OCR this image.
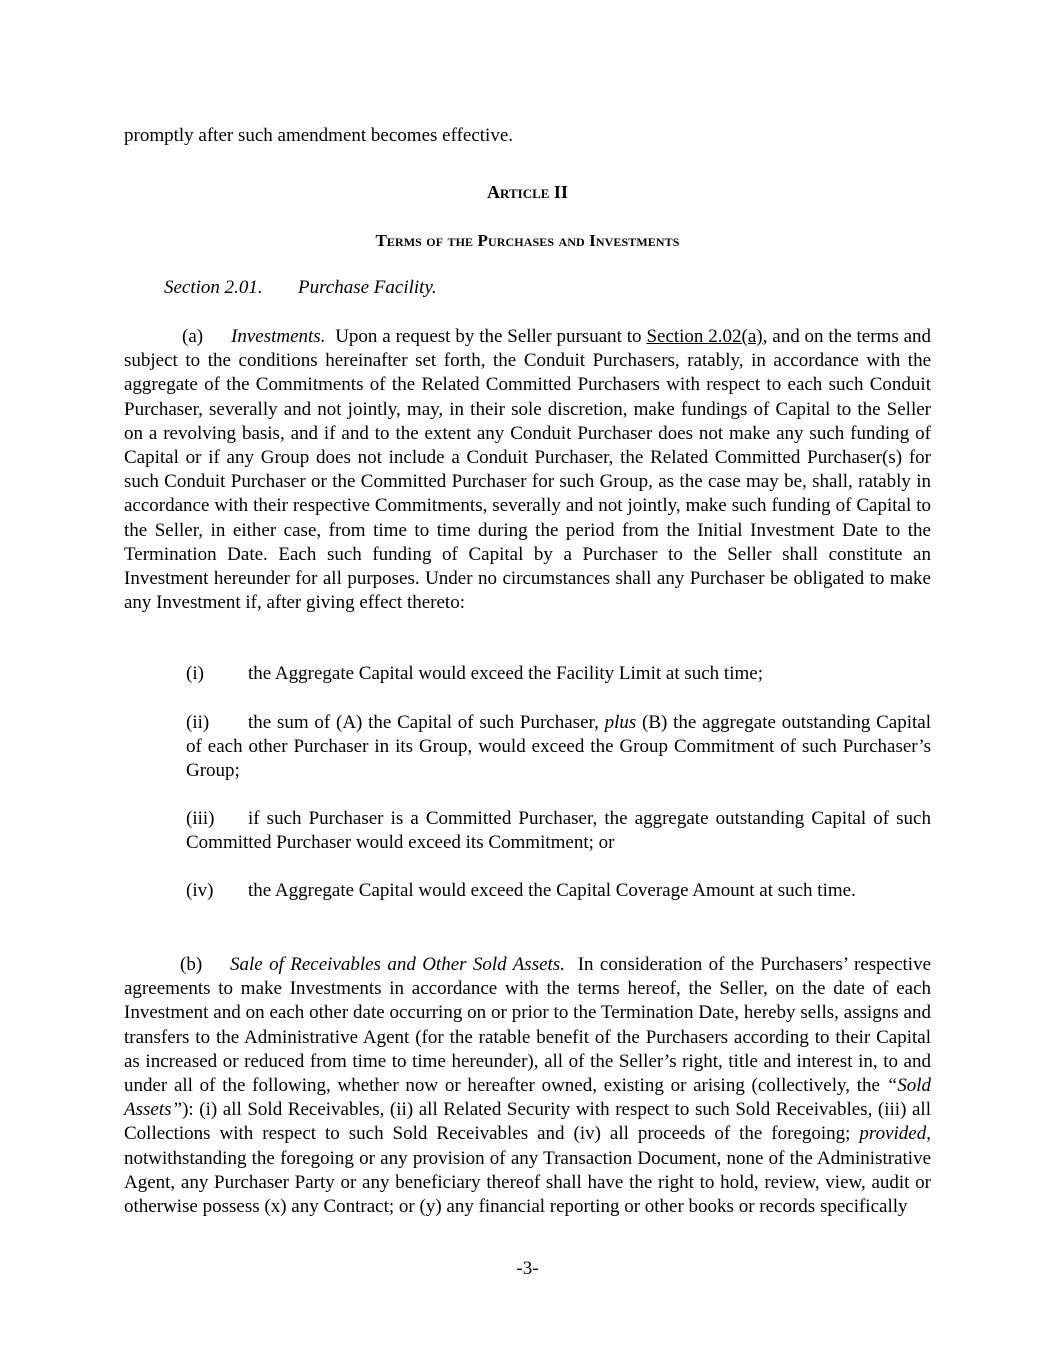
promptly after such amendment becomes effective.
Article II
Terms of the Purchases and Investments
Section 2.01. Purchase Facility.
(a) Investments. Upon a request by the Seller pursuant to Section 2.02(a), and on the terms and subject to the conditions hereinafter set forth, the Conduit Purchasers, ratably, in accordance with the aggregate of the Commitments of the Related Committed Purchasers with respect to each such Conduit Purchaser, severally and not jointly, may, in their sole discretion, make fundings of Capital to the Seller on a revolving basis, and if and to the extent any Conduit Purchaser does not make any such funding of Capital or if any Group does not include a Conduit Purchaser, the Related Committed Purchaser(s) for such Conduit Purchaser or the Committed Purchaser for such Group, as the case may be, shall, ratably in accordance with their respective Commitments, severally and not jointly, make such funding of Capital to the Seller, in either case, from time to time during the period from the Initial Investment Date to the Termination Date. Each such funding of Capital by a Purchaser to the Seller shall constitute an Investment hereunder for all purposes. Under no circumstances shall any Purchaser be obligated to make any Investment if, after giving effect thereto:
(i) the Aggregate Capital would exceed the Facility Limit at such time;
(ii) the sum of (A) the Capital of such Purchaser, plus (B) the aggregate outstanding Capital of each other Purchaser in its Group, would exceed the Group Commitment of such Purchaser’s Group;
(iii) if such Purchaser is a Committed Purchaser, the aggregate outstanding Capital of such Committed Purchaser would exceed its Commitment; or
(iv) the Aggregate Capital would exceed the Capital Coverage Amount at such time.
(b) Sale of Receivables and Other Sold Assets. In consideration of the Purchasers’ respective agreements to make Investments in accordance with the terms hereof, the Seller, on the date of each Investment and on each other date occurring on or prior to the Termination Date, hereby sells, assigns and transfers to the Administrative Agent (for the ratable benefit of the Purchasers according to their Capital as increased or reduced from time to time hereunder), all of the Seller’s right, title and interest in, to and under all of the following, whether now or hereafter owned, existing or arising (collectively, the “Sold Assets”): (i) all Sold Receivables, (ii) all Related Security with respect to such Sold Receivables, (iii) all Collections with respect to such Sold Receivables and (iv) all proceeds of the foregoing; provided, notwithstanding the foregoing or any provision of any Transaction Document, none of the Administrative Agent, any Purchaser Party or any beneficiary thereof shall have the right to hold, review, view, audit or otherwise possess (x) any Contract; or (y) any financial reporting or other books or records specifically
-3-
